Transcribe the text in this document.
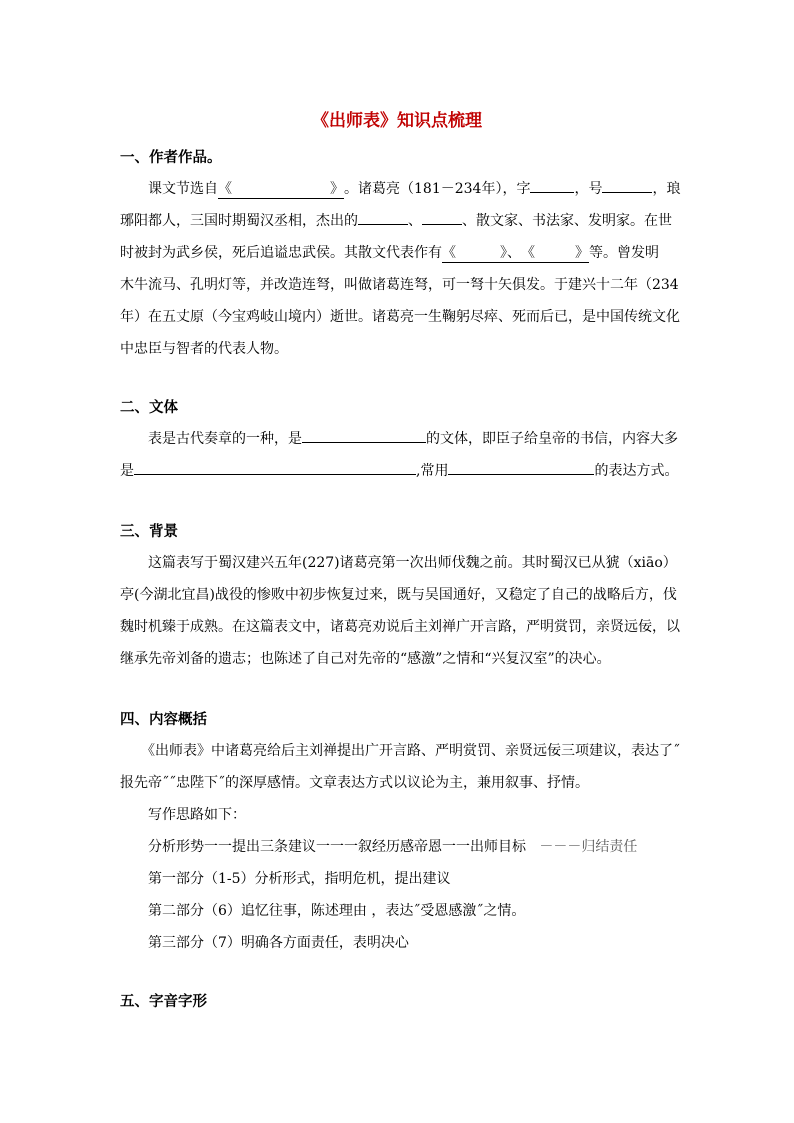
《出师表》知识点梳理
一、作者作品。
课文节选自《	》。诸葛亮（181－234年），字	，号	，琅
琊阳都人，三国时期蜀汉丞相，杰出的	、	、散文家、书法家、发明家。在世
时被封为武乡侯，死后追谥忠武侯。其散文代表作有《	》、《	》等。曾发明
木牛流马、孔明灯等，并改造连弩，叫做诸葛连弩，可一弩十矢俱发。于建兴十二年（234
年）在五丈原（今宝鸡岐山境内）逝世。诸葛亮一生鞠躬尽瘁、死而后已，是中国传统文化
中忠臣与智者的代表人物。
二、文体
表是古代奏章的一种，是	的文体，即臣子给皇帝的书信，内容大多
是	,常用	的表达方式。
三、背景
这篇表写于蜀汉建兴五年(227)诸葛亮第一次出师伐魏之前。其时蜀汉已从猇（xiāo）
亭(今湖北宜昌)战役的惨败中初步恢复过来，既与吴国通好，又稳定了自己的战略后方，伐
魏时机臻于成熟。在这篇表文中，诸葛亮劝说后主刘禅广开言路，严明赏罚，亲贤远佞，以
继承先帝刘备的遗志；也陈述了自己对先帝的“感激”之情和“兴复汉室”的决心。
四、内容概括
《出师表》中诸葛亮给后主刘禅提出广开言路、严明赏罚、亲贤远佞三项建议，表达了˝
报先帝˝˝忠陛下˝的深厚感情。文章表达方式以议论为主，兼用叙事、抒情。
写作思路如下：
分析形势一一提出三条建议一一一叙经历感帝恩一一出师目标 －－－归结责任
第一部分（1-5）分析形式，指明危机，提出建议
第二部分（6）追忆往事，陈述理由 ，表达˝受恩感激˝之情。
第三部分（7）明确各方面责任，表明决心
五、字音字形
